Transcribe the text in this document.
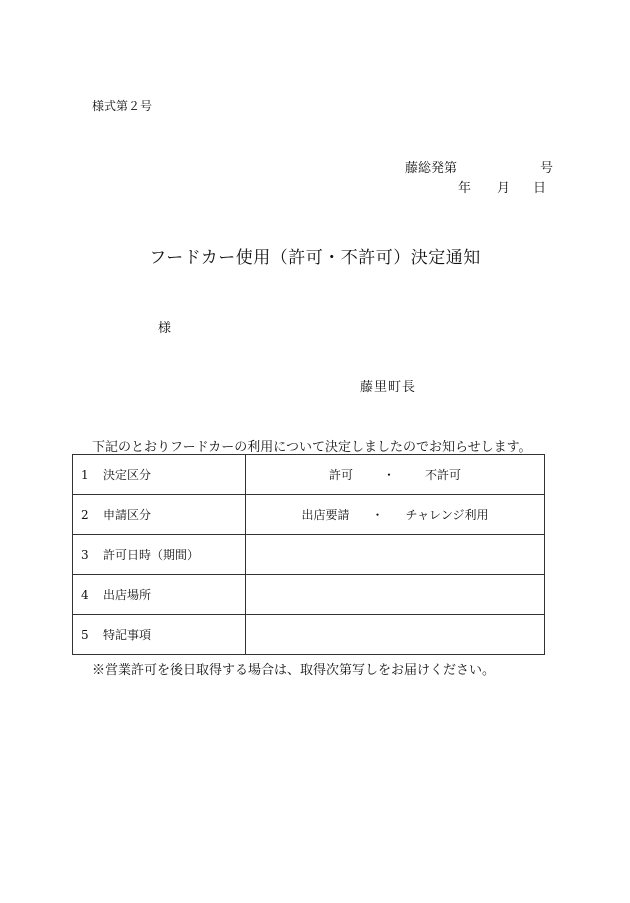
様式第２号
藤総発第	号
年 月 日
フードカー使用（許可・不許可）決定通知
様
藤里町長
下記のとおりフードカーの利用について決定しましたのでお知らせします。
1 決定区分	許可 ・ 不許可
2 申請区分	出店要請 ・ チャレンジ利用
3 許可日時（期間）	
4 出店場所	
5 特記事項	
※営業許可を後日取得する場合は、取得次第写しをお届けください。
